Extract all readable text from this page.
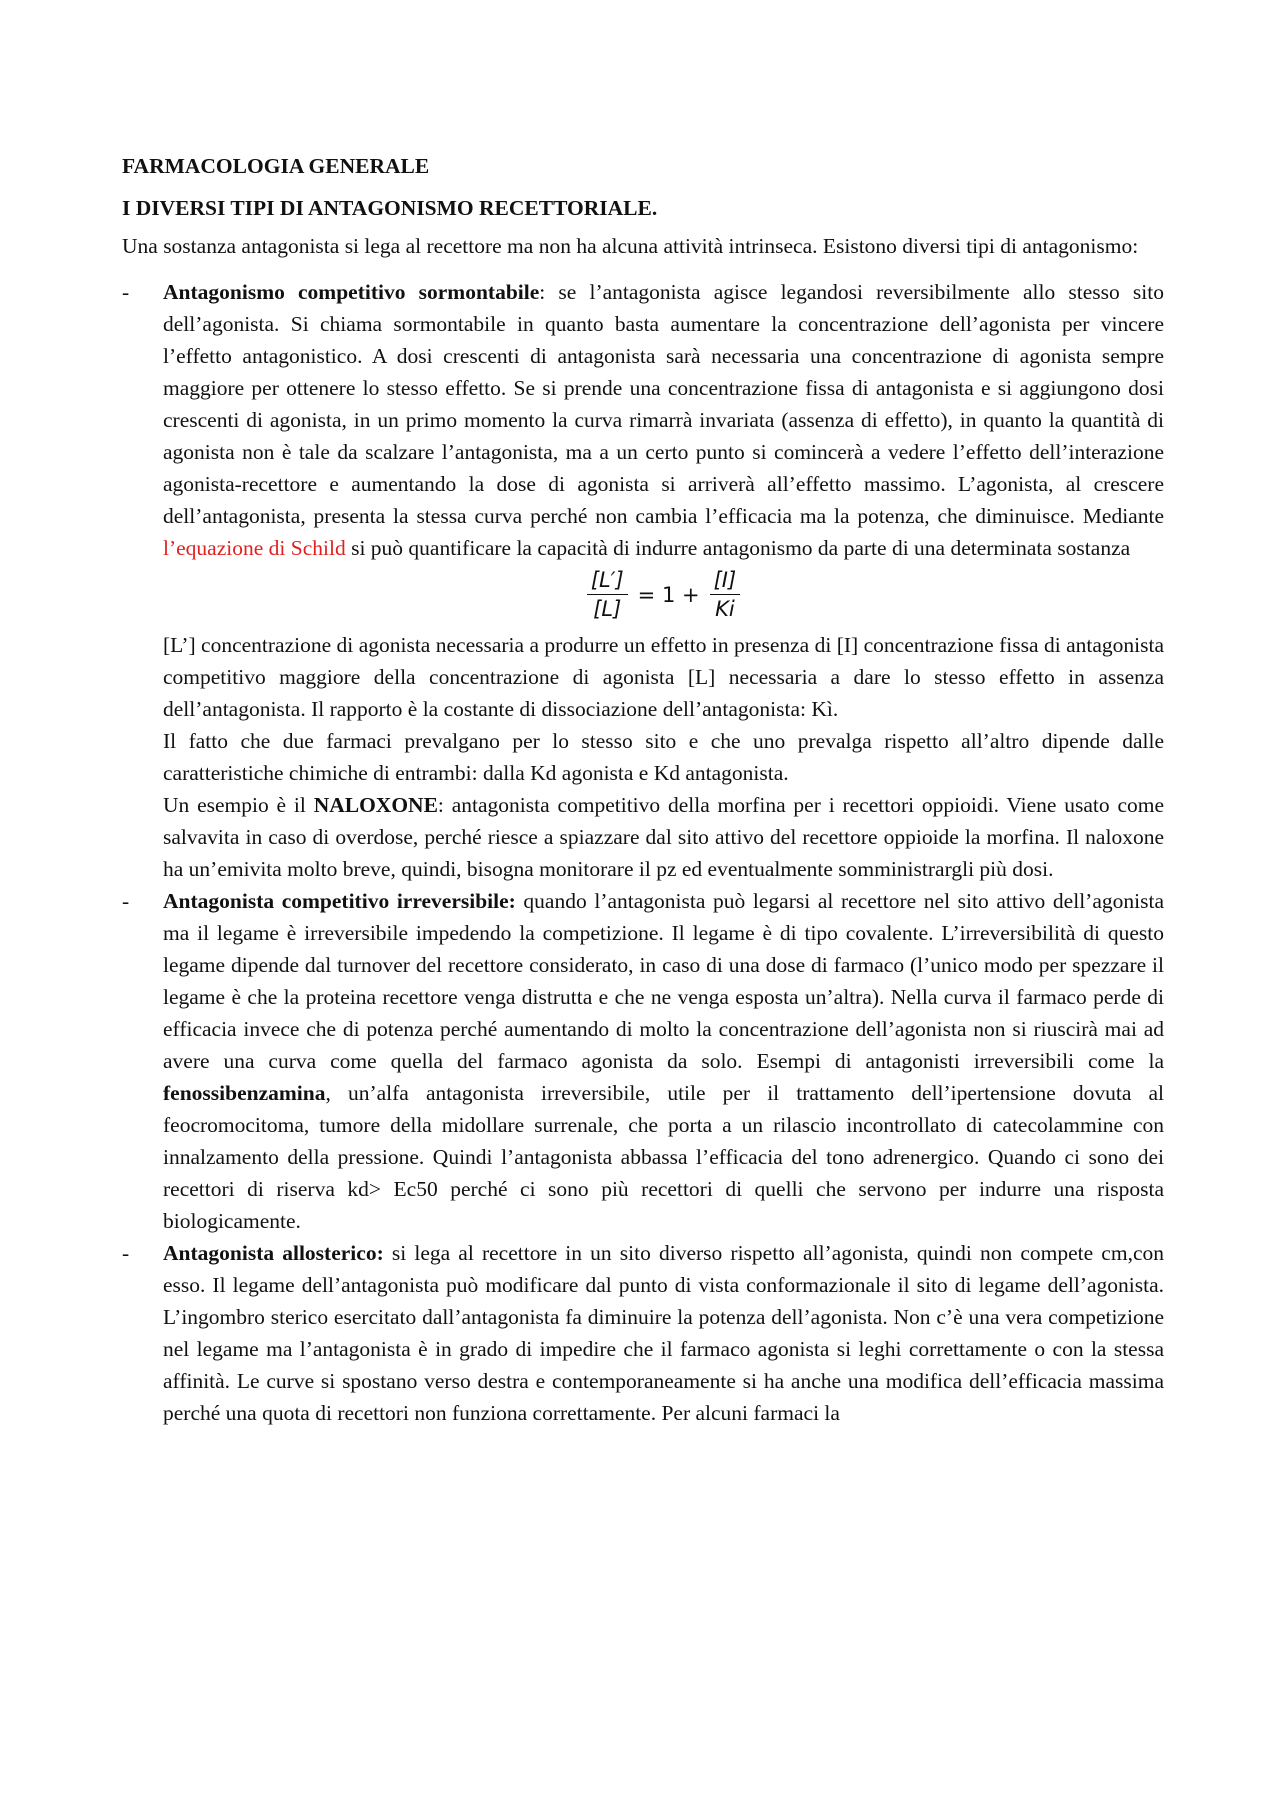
FARMACOLOGIA GENERALE

I DIVERSI TIPI DI ANTAGONISMO RECETTORIALE.

Una sostanza antagonista si lega al recettore ma non ha alcuna attività intrinseca. Esistono diversi tipi di antagonismo:

- Antagonismo competitivo sormontabile: se l’antagonista agisce legandosi reversibilmente allo stesso sito dell’agonista. Si chiama sormontabile in quanto basta aumentare la concentrazione dell’agonista per vincere l’effetto antagonistico. A dosi crescenti di antagonista sarà necessaria una concentrazione di agonista sempre maggiore per ottenere lo stesso effetto. Se si prende una concentrazione fissa di antagonista e si aggiungono dosi crescenti di agonista, in un primo momento la curva rimarrà invariata (assenza di effetto), in quanto la quantità di agonista non è tale da scalzare l’antagonista, ma a un certo punto si comincerà a vedere l’effetto dell’interazione agonista-recettore e aumentando la dose di agonista si arriverà all’effetto massimo. L’agonista, al crescere dell’antagonista, presenta la stessa curva perché non cambia l’efficacia ma la potenza, che diminuisce. Mediante l’equazione di Schild si può quantificare la capacità di indurre antagonismo da parte di una determinata sostanza

$\frac{[L']}{[L]} = 1 + \frac{[I]}{Ki}$

[L’] concentrazione di agonista necessaria a produrre un effetto in presenza di [I] concentrazione fissa di antagonista competitivo maggiore della concentrazione di agonista [L] necessaria a dare lo stesso effetto in assenza dell’antagonista. Il rapporto è la costante di dissociazione dell’antagonista: Kì.

Il fatto che due farmaci prevalgano per lo stesso sito e che uno prevalga rispetto all’altro dipende dalle caratteristiche chimiche di entrambi: dalla Kd agonista e Kd antagonista.

Un esempio è il NALOXONE: antagonista competitivo della morfina per i recettori oppioidi. Viene usato come salvavita in caso di overdose, perché riesce a spiazzare dal sito attivo del recettore oppioide la morfina. Il naloxone ha un’emivita molto breve, quindi, bisogna monitorare il pz ed eventualmente somministrargli più dosi.

- Antagonista competitivo irreversibile: quando l’antagonista può legarsi al recettore nel sito attivo dell’agonista ma il legame è irreversibile impedendo la competizione. Il legame è di tipo covalente. L’irreversibilità di questo legame dipende dal turnover del recettore considerato, in caso di una dose di farmaco (l’unico modo per spezzare il legame è che la proteina recettore venga distrutta e che ne venga esposta un’altra). Nella curva il farmaco perde di efficacia invece che di potenza perché aumentando di molto la concentrazione dell’agonista non si riuscirà mai ad avere una curva come quella del farmaco agonista da solo. Esempi di antagonisti irreversibili come la fenossibenzamina, un’alfa antagonista irreversibile, utile per il trattamento dell’ipertensione dovuta al feocromocitoma, tumore della midollare surrenale, che porta a un rilascio incontrollato di catecolammine con innalzamento della pressione. Quindi l’antagonista abbassa l’efficacia del tono adrenergico. Quando ci sono dei recettori di riserva kd> Ec50 perché ci sono più recettori di quelli che servono per indurre una risposta biologicamente.

- Antagonista allosterico: si lega al recettore in un sito diverso rispetto all’agonista, quindi non compete cm,con esso. Il legame dell’antagonista può modificare dal punto di vista conformazionale il sito di legame dell’agonista. L’ingombro sterico esercitato dall’antagonista fa diminuire la potenza dell’agonista. Non c’è una vera competizione nel legame ma l’antagonista è in grado di impedire che il farmaco agonista si leghi correttamente o con la stessa affinità. Le curve si spostano verso destra e contemporaneamente si ha anche una modifica dell’efficacia massima perché una quota di recettori non funziona correttamente. Per alcuni farmaci la
